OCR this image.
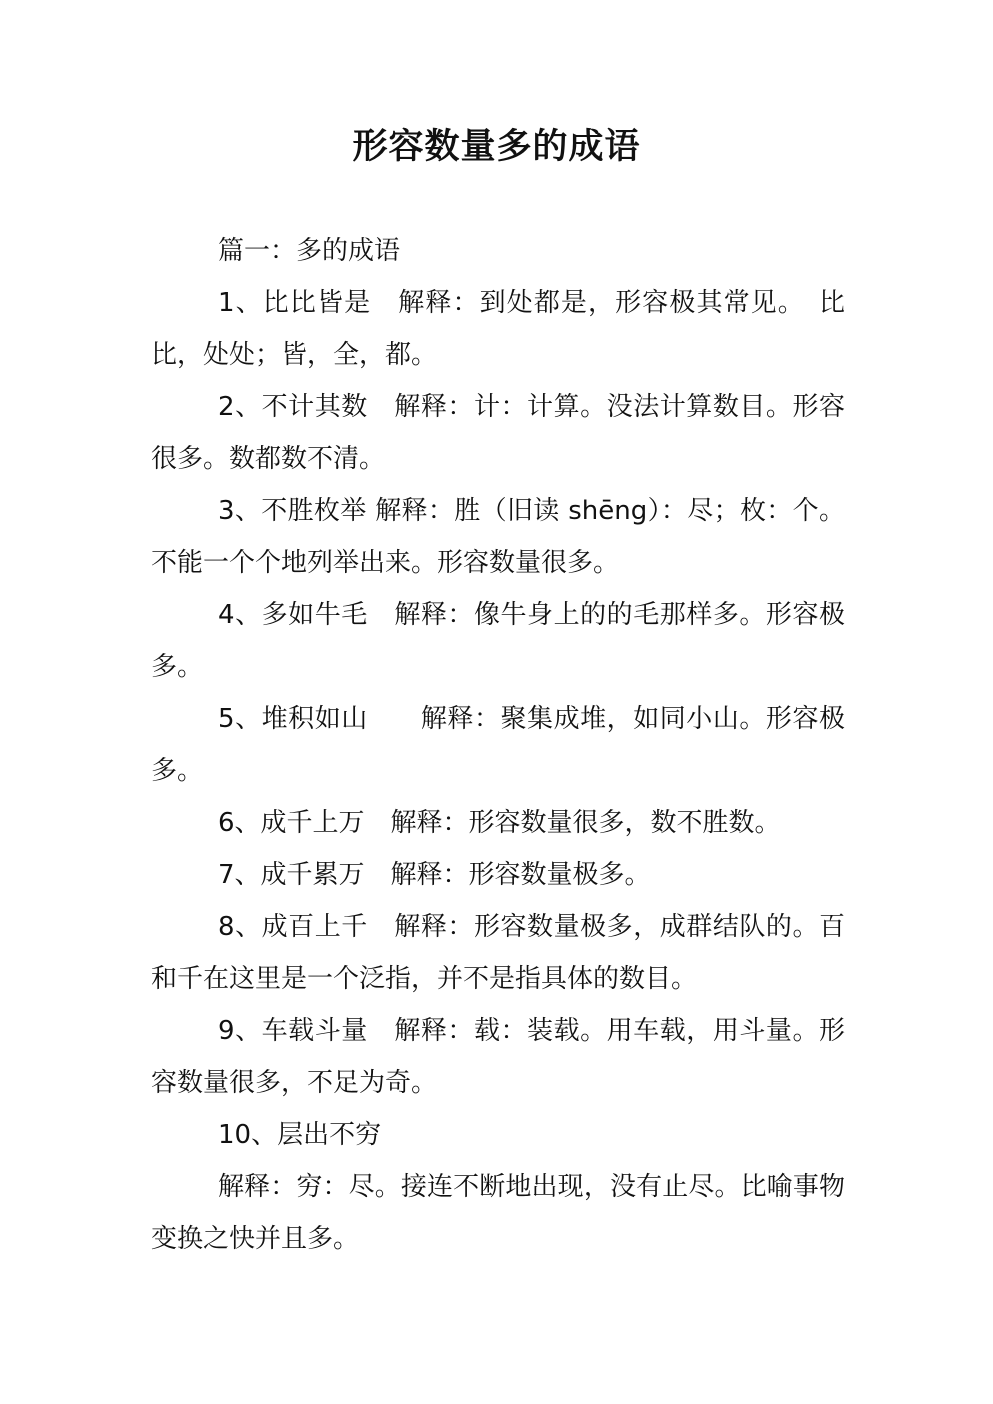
形容数量多的成语

篇一：多的成语

1、比比皆是　解释：到处都是，形容极其常见。　比比，处处；皆，全，都。

2、不计其数　解释：计：计算。没法计算数目。形容很多。数都数不清。

3、不胜枚举 解释：胜（旧读 shēng）：尽；枚：个。不能一个个地列举出来。形容数量很多。

4、多如牛毛　解释：像牛身上的的毛那样多。形容极多。

5、堆积如山　　解释：聚集成堆，如同小山。形容极多。

6、成千上万　解释：形容数量很多，数不胜数。

7、成千累万　解释：形容数量极多。

8、成百上千　解释：形容数量极多，成群结队的。百和千在这里是一个泛指，并不是指具体的数目。

9、车载斗量　解释：载：装载。用车载，用斗量。形容数量很多，不足为奇。

10、层出不穷

解释：穷：尽。接连不断地出现，没有止尽。比喻事物变换之快并且多。
